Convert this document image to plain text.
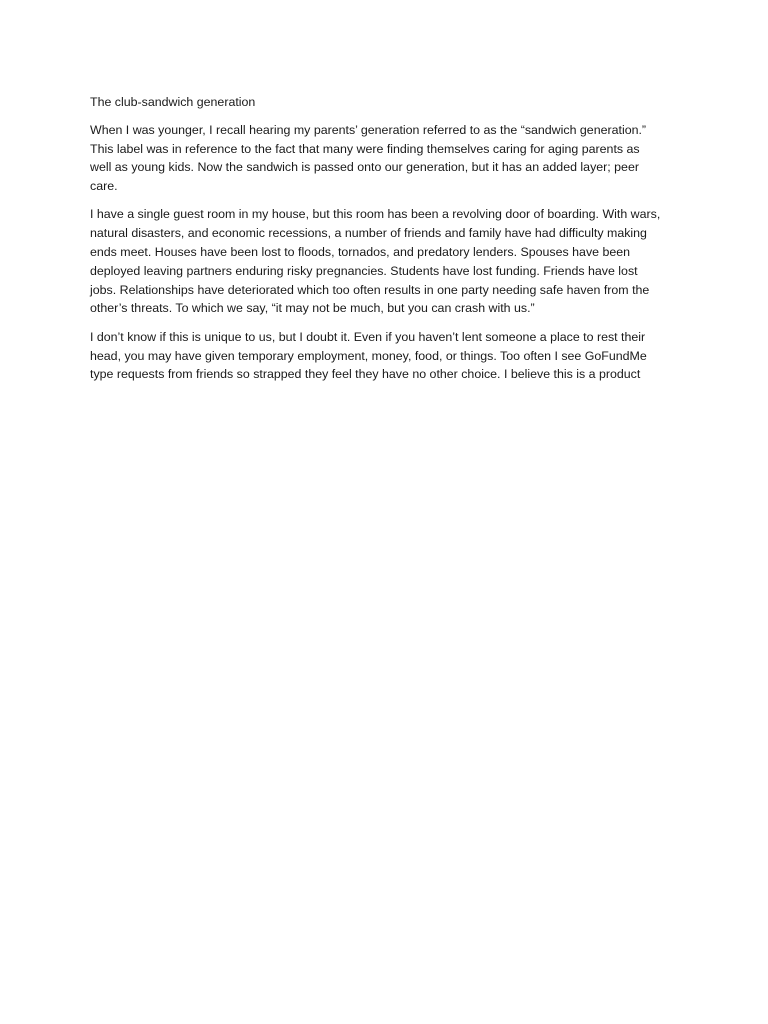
The club-sandwich generation

When I was younger, I recall hearing my parents’ generation referred to as the “sandwich generation.”
This label was in reference to the fact that many were finding themselves caring for aging parents as
well as young kids. Now the sandwich is passed onto our generation, but it has an added layer; peer
care.

I have a single guest room in my house, but this room has been a revolving door of boarding. With wars,
natural disasters, and economic recessions, a number of friends and family have had difficulty making
ends meet. Houses have been lost to floods, tornados, and predatory lenders. Spouses have been
deployed leaving partners enduring risky pregnancies. Students have lost funding. Friends have lost
jobs. Relationships have deteriorated which too often results in one party needing safe haven from the
other’s threats. To which we say, “it may not be much, but you can crash with us.”

I don’t know if this is unique to us, but I doubt it. Even if you haven’t lent someone a place to rest their
head, you may have given temporary employment, money, food, or things. Too often I see GoFundMe
type requests from friends so strapped they feel they have no other choice. I believe this is a product
